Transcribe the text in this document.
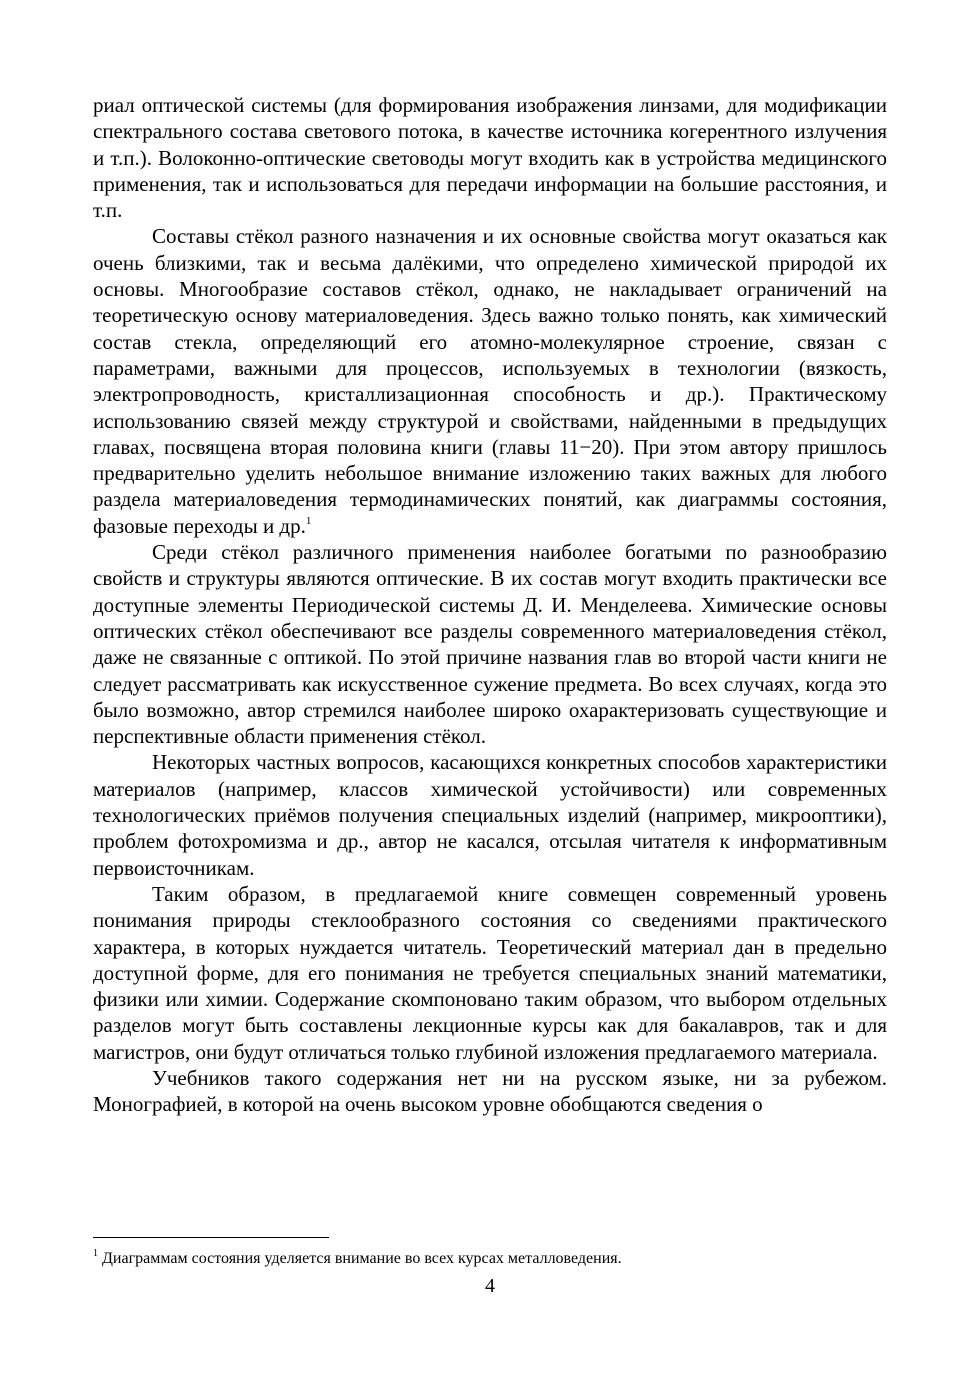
риал оптической системы (для формирования изображения линзами, для модификации спектрального состава светового потока, в качестве источника когерентного излучения и т.п.). Волоконно-оптические световоды могут входить как в устройства медицинского применения, так и использоваться для передачи информации на большие расстояния, и т.п.

Составы стёкол разного назначения и их основные свойства могут оказаться как очень близкими, так и весьма далёкими, что определено химической природой их основы. Многообразие составов стёкол, однако, не накладывает ограничений на теоретическую основу материаловедения. Здесь важно только понять, как химический состав стекла, определяющий его атомно-молекулярное строение, связан с параметрами, важными для процессов, используемых в технологии (вязкость, электропроводность, кристаллизационная способность и др.). Практическому использованию связей между структурой и свойствами, найденными в предыдущих главах, посвящена вторая половина книги (главы 11−20). При этом автору пришлось предварительно уделить небольшое внимание изложению таких важных для любого раздела материаловедения термодинамических понятий, как диаграммы состояния, фазовые переходы и др.$^1$

Среди стёкол различного применения наиболее богатыми по разнообразию свойств и структуры являются оптические. В их состав могут входить практически все доступные элементы Периодической системы Д. И. Менделеева. Химические основы оптических стёкол обеспечивают все разделы современного материаловедения стёкол, даже не связанные с оптикой. По этой причине названия глав во второй части книги не следует рассматривать как искусственное сужение предмета. Во всех случаях, когда это было возможно, автор стремился наиболее широко охарактеризовать существующие и перспективные области применения стёкол.

Некоторых частных вопросов, касающихся конкретных способов характеристики материалов (например, классов химической устойчивости) или современных технологических приёмов получения специальных изделий (например, микрооптики), проблем фотохромизма и др., автор не касался, отсылая читателя к информативным первоисточникам.

Таким образом, в предлагаемой книге совмещен современный уровень понимания природы стеклообразного состояния со сведениями практического характера, в которых нуждается читатель. Теоретический материал дан в предельно доступной форме, для его понимания не требуется специальных знаний математики, физики или химии. Содержание скомпоновано таким образом, что выбором отдельных разделов могут быть составлены лекционные курсы как для бакалавров, так и для магистров, они будут отличаться только глубиной изложения предлагаемого материала.

Учебников такого содержания нет ни на русском языке, ни за рубежом. Монографией, в которой на очень высоком уровне обобщаются сведения о

$^1$ Диаграммам состояния уделяется внимание во всех курсах металловедения.
4
